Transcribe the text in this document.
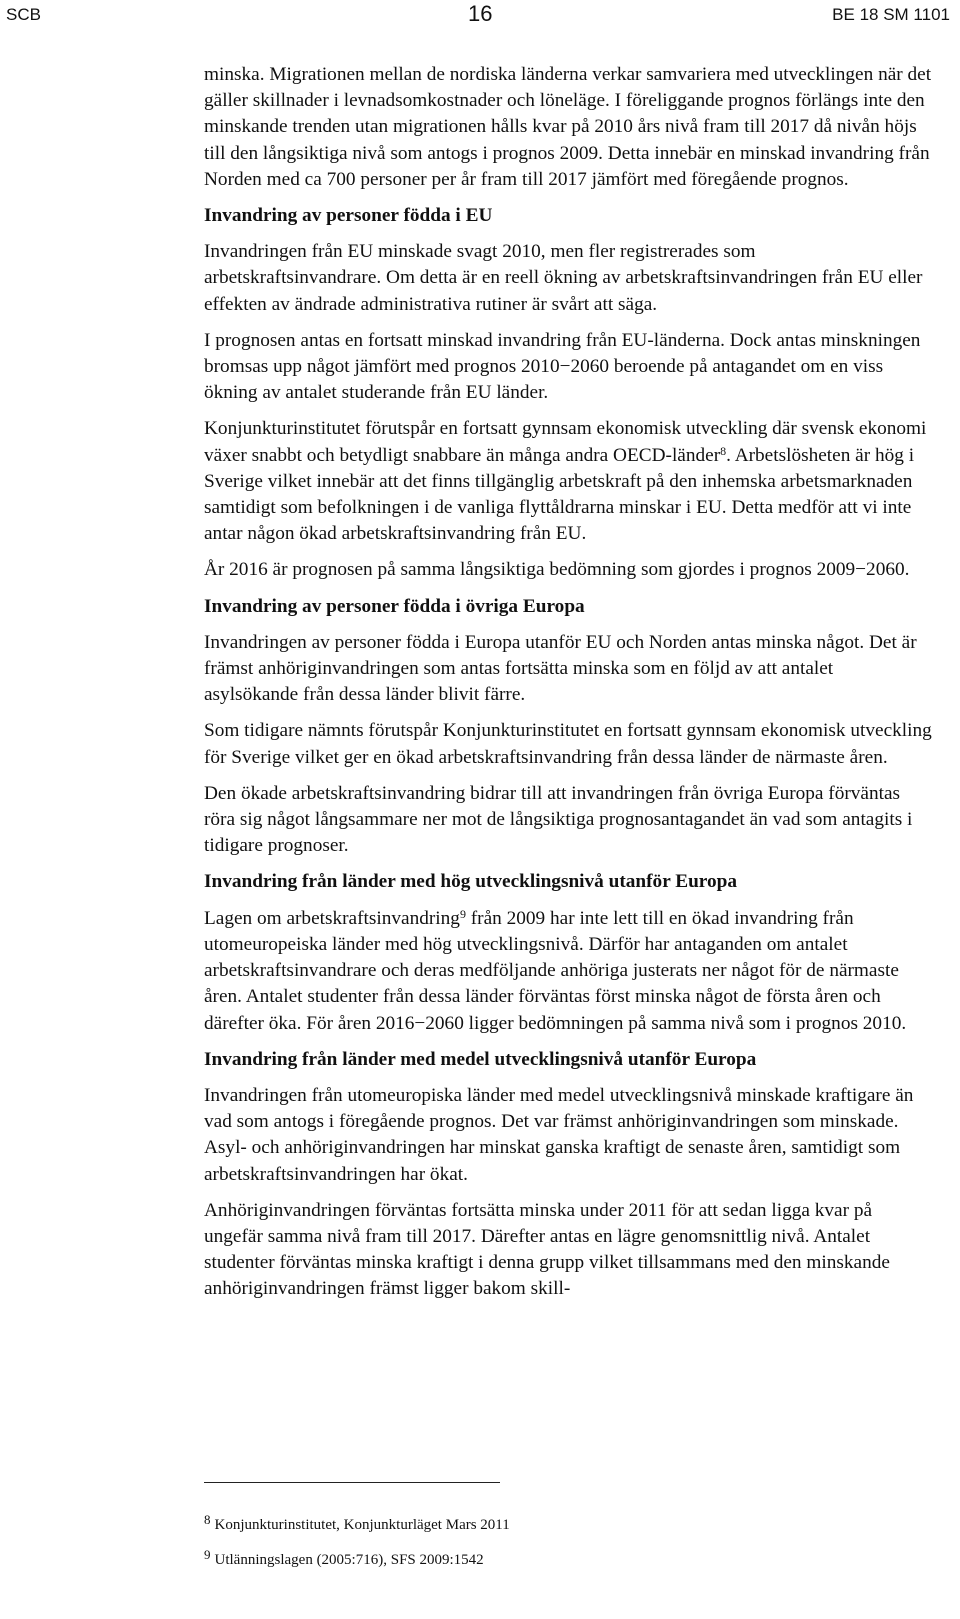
SCB	16	BE 18 SM 1101

minska. Migrationen mellan de nordiska länderna verkar samvariera med utvecklingen när det gäller skillnader i levnadsomkostnader och löneläge. I föreliggande prognos förlängs inte den minskande trenden utan migrationen hålls kvar på 2010 års nivå fram till 2017 då nivån höjs till den långsiktiga nivå som antogs i prognos 2009. Detta innebär en minskad invandring från Norden med ca 700 personer per år fram till 2017 jämfört med föregående prognos.

Invandring av personer födda i EU

Invandringen från EU minskade svagt 2010, men fler registrerades som arbetskraftsinvandrare. Om detta är en reell ökning av arbetskraftsinvandringen från EU eller effekten av ändrade administrativa rutiner är svårt att säga.

I prognosen antas en fortsatt minskad invandring från EU-länderna. Dock antas minskningen bromsas upp något jämfört med prognos 2010−2060 beroende på antagandet om en viss ökning av antalet studerande från EU länder.

Konjunkturinstitutet förutspår en fortsatt gynnsam ekonomisk utveckling där svensk ekonomi växer snabbt och betydligt snabbare än många andra OECD-länder$^8$. Arbetslösheten är hög i Sverige vilket innebär att det finns tillgänglig arbetskraft på den inhemska arbetsmarknaden samtidigt som befolkningen i de vanliga flyttåldrarna minskar i EU. Detta medför att vi inte antar någon ökad arbetskraftsinvandring från EU.

År 2016 är prognosen på samma långsiktiga bedömning som gjordes i prognos 2009−2060.

Invandring av personer födda i övriga Europa

Invandringen av personer födda i Europa utanför EU och Norden antas minska något. Det är främst anhöriginvandringen som antas fortsätta minska som en följd av att antalet asylsökande från dessa länder blivit färre.

Som tidigare nämnts förutspår Konjunkturinstitutet en fortsatt gynnsam ekonomisk utveckling för Sverige vilket ger en ökad arbetskraftsinvandring från dessa länder de närmaste åren.

Den ökade arbetskraftsinvandring bidrar till att invandringen från övriga Europa förväntas röra sig något långsammare ner mot de långsiktiga prognosantagandet än vad som antagits i tidigare prognoser.

Invandring från länder med hög utvecklingsnivå utanför Europa

Lagen om arbetskraftsinvandring$^9$ från 2009 har inte lett till en ökad invandring från utomeuropeiska länder med hög utvecklingsnivå. Därför har antaganden om antalet arbetskraftsinvandrare och deras medföljande anhöriga justerats ner något för de närmaste åren. Antalet studenter från dessa länder förväntas först minska något de första åren och därefter öka. För åren 2016−2060 ligger bedömningen på samma nivå som i prognos 2010.

Invandring från länder med medel utvecklingsnivå utanför Europa

Invandringen från utomeuropiska länder med medel utvecklingsnivå minskade kraftigare än vad som antogs i föregående prognos. Det var främst anhöriginvandringen som minskade. Asyl- och anhöriginvandringen har minskat ganska kraftigt de senaste åren, samtidigt som arbetskraftsinvandringen har ökat.

Anhöriginvandringen förväntas fortsätta minska under 2011 för att sedan ligga kvar på ungefär samma nivå fram till 2017. Därefter antas en lägre genomsnittlig nivå. Antalet studenter förväntas minska kraftigt i denna grupp vilket tillsammans med den minskande anhöriginvandringen främst ligger bakom skill-

8 Konjunkturinstitutet, Konjunkturläget Mars 2011
9 Utlänningslagen (2005:716), SFS 2009:1542
